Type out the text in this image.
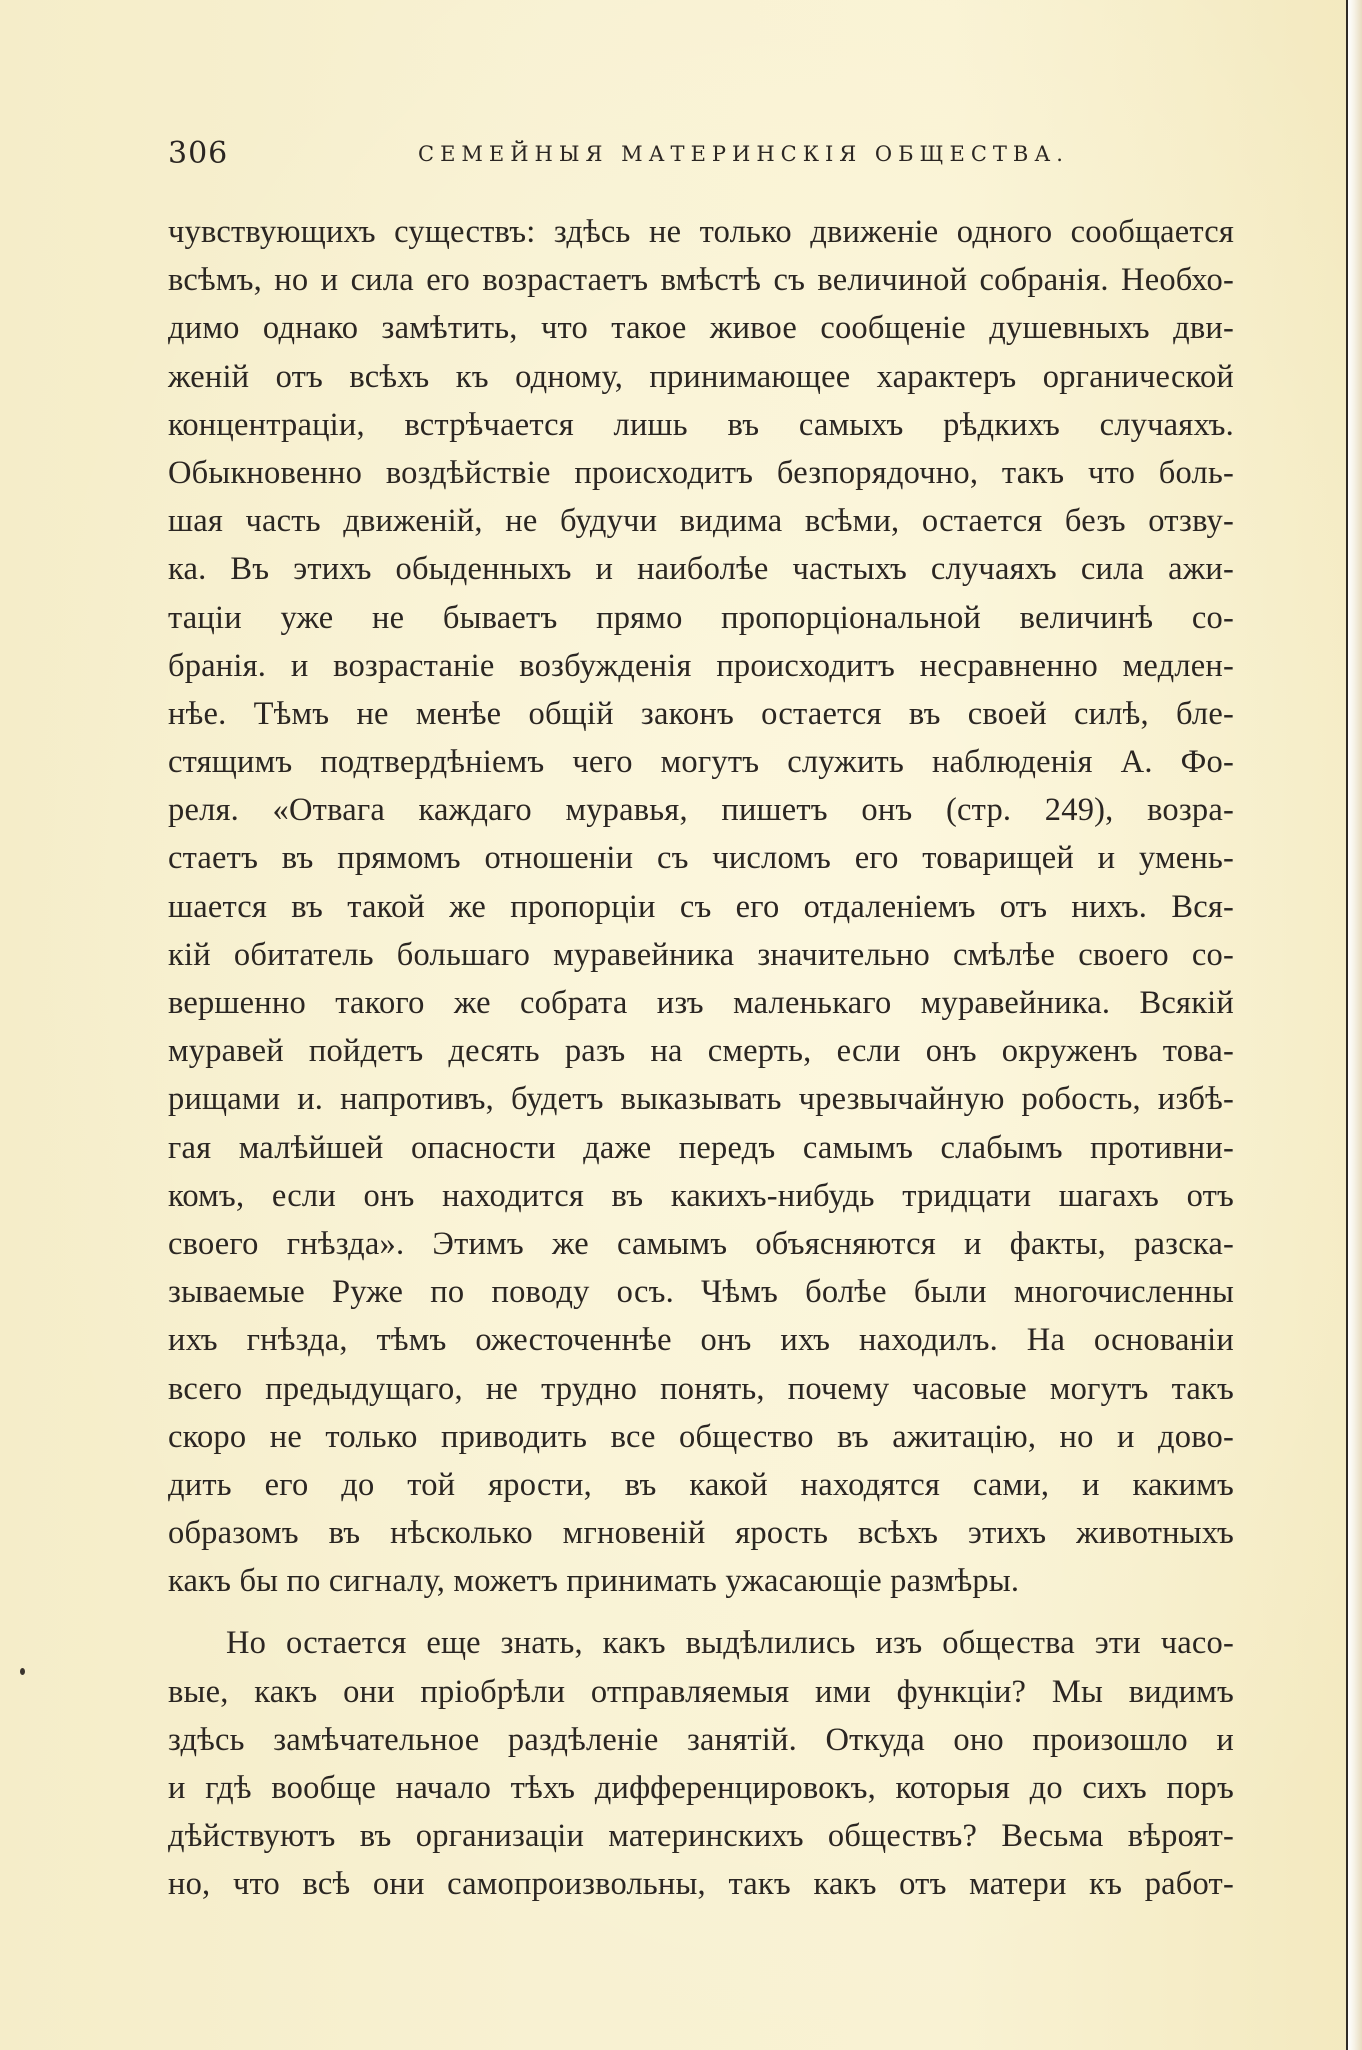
306	СЕМЕЙНЫЯ МАТЕРИНСКІЯ ОБЩЕСТВА.
чувствующихъ существъ: здѣсь не только движеніе одного сообщается
всѣмъ, но и сила его возрастаетъ вмѣстѣ съ величиной собранія. Необхо-
димо однако замѣтить, что такое живое сообщеніе душевныхъ дви-
женій отъ всѣхъ къ одному, принимающее характеръ органической
концентраціи, встрѣчается лишь въ самыхъ рѣдкихъ случаяхъ.
Обыкновенно воздѣйствіе происходитъ безпорядочно, такъ что боль-
шая часть движеній, не будучи видима всѣми, остается безъ отзву-
ка. Въ этихъ обыденныхъ и наиболѣе частыхъ случаяхъ сила ажи-
таціи уже не бываетъ прямо пропорціональной величинѣ со-
бранія. и возрастаніе возбужденія происходитъ несравненно медлен-
нѣе. Тѣмъ не менѣе общій законъ остается въ своей силѣ, бле-
стящимъ подтвердѣніемъ чего могутъ служить наблюденія А. Фо-
реля. «Отвага каждаго муравья, пишетъ онъ (стр. 249), возра-
стаетъ въ прямомъ отношеніи съ числомъ его товарищей и умень-
шается въ такой же пропорціи съ его отдаленіемъ отъ нихъ. Вся-
кій обитатель большаго муравейника значительно смѣлѣе своего со-
вершенно такого же собрата изъ маленькаго муравейника. Всякій
муравей пойдетъ десять разъ на смерть, если онъ окруженъ това-
рищами и. напротивъ, будетъ выказывать чрезвычайную робость, избѣ-
гая малѣйшей опасности даже передъ самымъ слабымъ противни-
комъ, если онъ находится въ какихъ-нибудь тридцати шагахъ отъ
своего гнѣзда». Этимъ же самымъ объясняются и факты, разска-
зываемые Руже по поводу осъ. Чѣмъ болѣе были многочисленны
ихъ гнѣзда, тѣмъ ожесточеннѣе онъ ихъ находилъ. На основаніи
всего предыдущаго, не трудно понять, почему часовые могутъ такъ
скоро не только приводить все общество въ ажитацію, но и дово-
дить его до той ярости, въ какой находятся сами, и какимъ
образомъ въ нѣсколько мгновеній ярость всѣхъ этихъ животныхъ
какъ бы по сигналу, можетъ принимать ужасающіе размѣры.
Но остается еще знать, какъ выдѣлились изъ общества эти часо-
вые, какъ они пріобрѣли отправляемыя ими функціи? Мы видимъ
здѣсь замѣчательное раздѣленіе занятій. Откуда оно произошло и
и гдѣ вообще начало тѣхъ дифференцировокъ, которыя до сихъ поръ
дѣйствуютъ въ организаціи материнскихъ обществъ? Весьма вѣроят-
но, что всѣ они самопроизвольны, такъ какъ отъ матери къ работ-
